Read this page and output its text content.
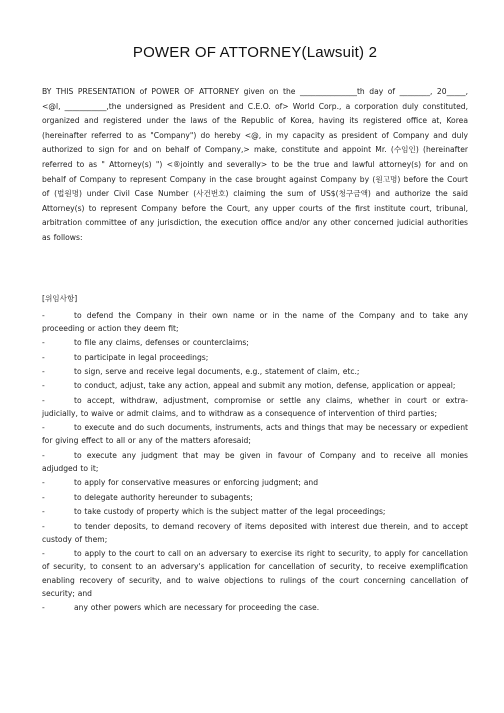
POWER OF ATTORNEY(Lawsuit) 2

BY THIS PRESENTATION of POWER OF ATTORNEY given on the _______________th day of ________, 20_____, <@l, ___________,the undersigned as President and C.E.O. of> World Corp., a corporation duly constituted, organized and registered under the laws of the Republic of Korea, having its registered office at, Korea (hereinafter referred to as "Company") do hereby <@, in my capacity as president of Company and duly authorized to sign for and on behalf of Company,> make, constitute and appoint Mr. (수임인) (hereinafter referred to as " Attorney(s) ") <®jointly and severally> to be the true and lawful attorney(s) for and on behalf of Company to represent Company in the case brought against Company by (원고명) before the Court of (법원명) under Civil Case Number (사건번호) claiming the sum of US$(청구금액) and authorize the said Attorney(s) to represent Company before the Court, any upper courts of the first institute court, tribunal, arbitration committee of any jurisdiction, the execution office and/or any other concerned judicial authorities as follows:

[위임사항]
-	to defend the Company in their own name or in the name of the Company and to take any proceeding or action they deem fit;
-	to file any claims, defenses or counterclaims;
-	to participate in legal proceedings;
-	to sign, serve and receive legal documents, e.g., statement of claim, etc.;
-	to conduct, adjust, take any action, appeal and submit any motion, defense, application or appeal;
-	to accept, withdraw, adjustment, compromise or settle any claims, whether in court or extra-judicially, to waive or admit claims, and to withdraw as a consequence of intervention of third parties;
-	to execute and do such documents, instruments, acts and things that may be necessary or expedient for giving effect to all or any of the matters aforesaid;
-	to execute any judgment that may be given in favour of Company and to receive all monies adjudged to it;
-	to apply for conservative measures or enforcing judgment; and
-	to delegate authority hereunder to subagents;
-	to take custody of property which is the subject matter of the legal proceedings;
-	to tender deposits, to demand recovery of items deposited with interest due therein, and to accept custody of them;
-	to apply to the court to call on an adversary to exercise its right to security, to apply for cancellation of security, to consent to an adversary's application for cancellation of security, to receive exemplification enabling recovery of security, and to waive objections to rulings of the court concerning cancellation of security; and
-	any other powers which are necessary for proceeding the case.
